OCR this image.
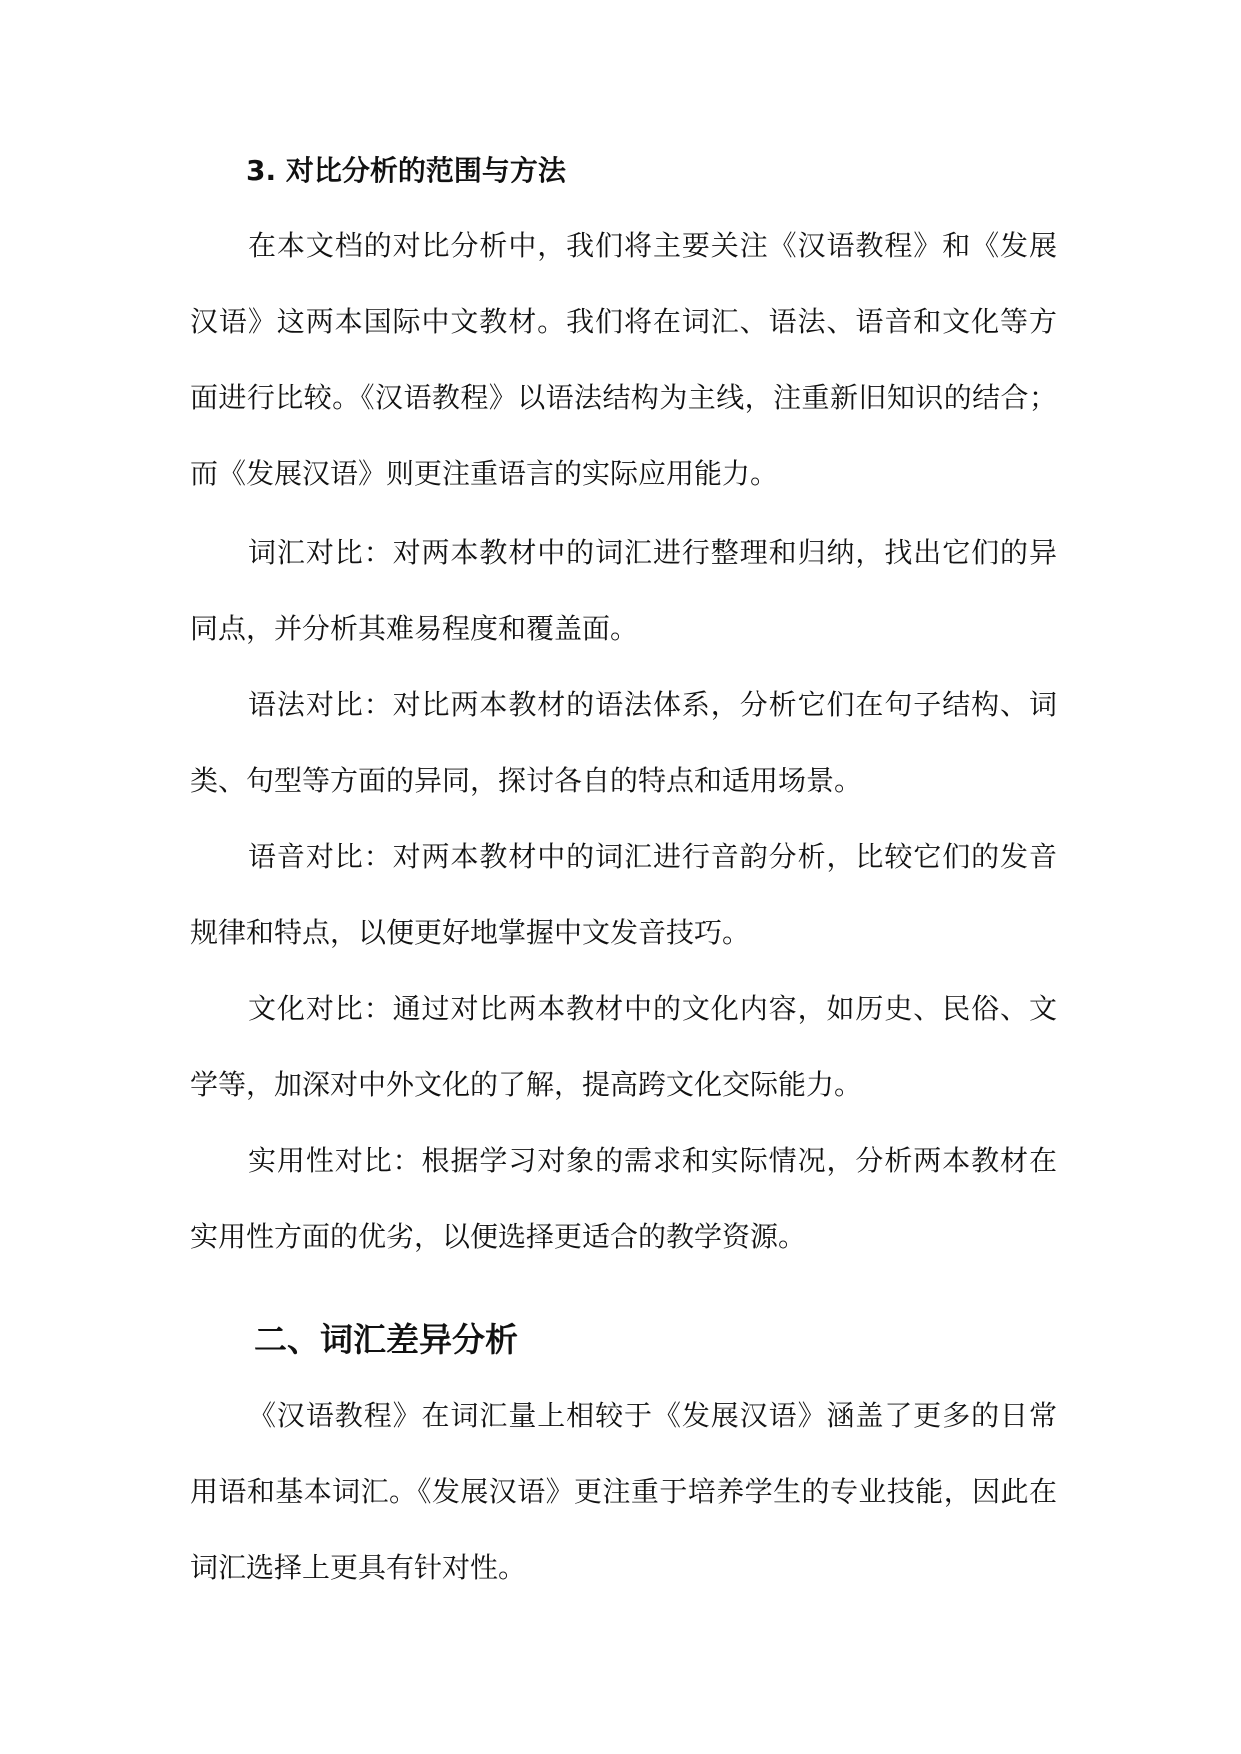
3. 对比分析的范围与方法

在本文档的对比分析中，我们将主要关注《汉语教程》和《发展汉语》这两本国际中文教材。我们将在词汇、语法、语音和文化等方面进行比较。《汉语教程》以语法结构为主线，注重新旧知识的结合；而《发展汉语》则更注重语言的实际应用能力。

词汇对比：对两本教材中的词汇进行整理和归纳，找出它们的异同点，并分析其难易程度和覆盖面。

语法对比：对比两本教材的语法体系，分析它们在句子结构、词类、句型等方面的异同，探讨各自的特点和适用场景。

语音对比：对两本教材中的词汇进行音韵分析，比较它们的发音规律和特点，以便更好地掌握中文发音技巧。

文化对比：通过对比两本教材中的文化内容，如历史、民俗、文学等，加深对中外文化的了解，提高跨文化交际能力。

实用性对比：根据学习对象的需求和实际情况，分析两本教材在实用性方面的优劣，以便选择更适合的教学资源。

二、词汇差异分析

《汉语教程》在词汇量上相较于《发展汉语》涵盖了更多的日常用语和基本词汇。《发展汉语》更注重于培养学生的专业技能，因此在词汇选择上更具有针对性。
